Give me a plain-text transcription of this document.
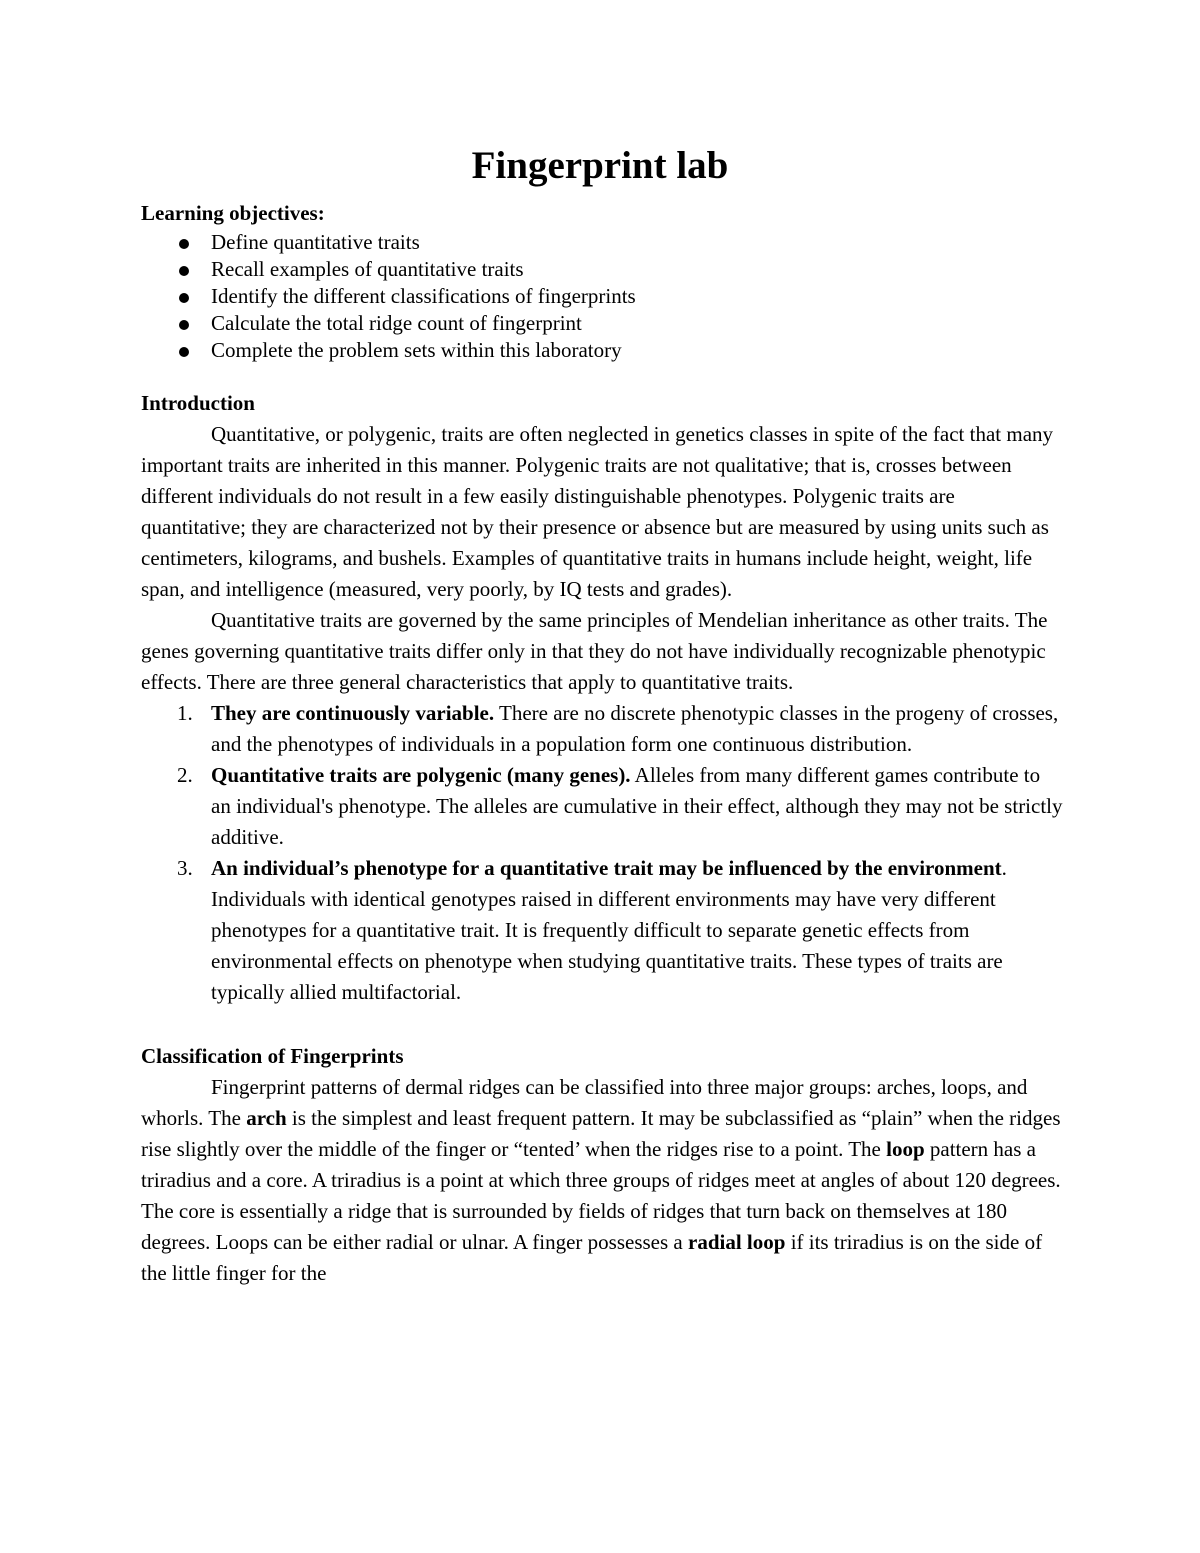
Fingerprint lab

Learning objectives:

Define quantitative traits
Recall examples of quantitative traits
Identify the different classifications of fingerprints
Calculate the total ridge count of fingerprint
Complete the problem sets within this laboratory

Introduction

Quantitative, or polygenic, traits are often neglected in genetics classes in spite of the fact that many important traits are inherited in this manner. Polygenic traits are not qualitative; that is, crosses between different individuals do not result in a few easily distinguishable phenotypes. Polygenic traits are quantitative; they are characterized not by their presence or absence but are measured by using units such as centimeters, kilograms, and bushels. Examples of quantitative traits in humans include height, weight, life span, and intelligence (measured, very poorly, by IQ tests and grades).

Quantitative traits are governed by the same principles of Mendelian inheritance as other traits. The genes governing quantitative traits differ only in that they do not have individually recognizable phenotypic effects. There are three general characteristics that apply to quantitative traits.

1. They are continuously variable. There are no discrete phenotypic classes in the progeny of crosses, and the phenotypes of individuals in a population form one continuous distribution.
2. Quantitative traits are polygenic (many genes). Alleles from many different games contribute to an individual's phenotype. The alleles are cumulative in their effect, although they may not be strictly additive.
3. An individual’s phenotype for a quantitative trait may be influenced by the environment. Individuals with identical genotypes raised in different environments may have very different phenotypes for a quantitative trait. It is frequently difficult to separate genetic effects from environmental effects on phenotype when studying quantitative traits. These types of traits are typically allied multifactorial.

Classification of Fingerprints

Fingerprint patterns of dermal ridges can be classified into three major groups: arches, loops, and whorls. The arch is the simplest and least frequent pattern. It may be subclassified as “plain” when the ridges rise slightly over the middle of the finger or “tented’ when the ridges rise to a point. The loop pattern has a triradius and a core. A triradius is a point at which three groups of ridges meet at angles of about 120 degrees. The core is essentially a ridge that is surrounded by fields of ridges that turn back on themselves at 180 degrees. Loops can be either radial or ulnar. A finger possesses a radial loop if its triradius is on the side of the little finger for the
